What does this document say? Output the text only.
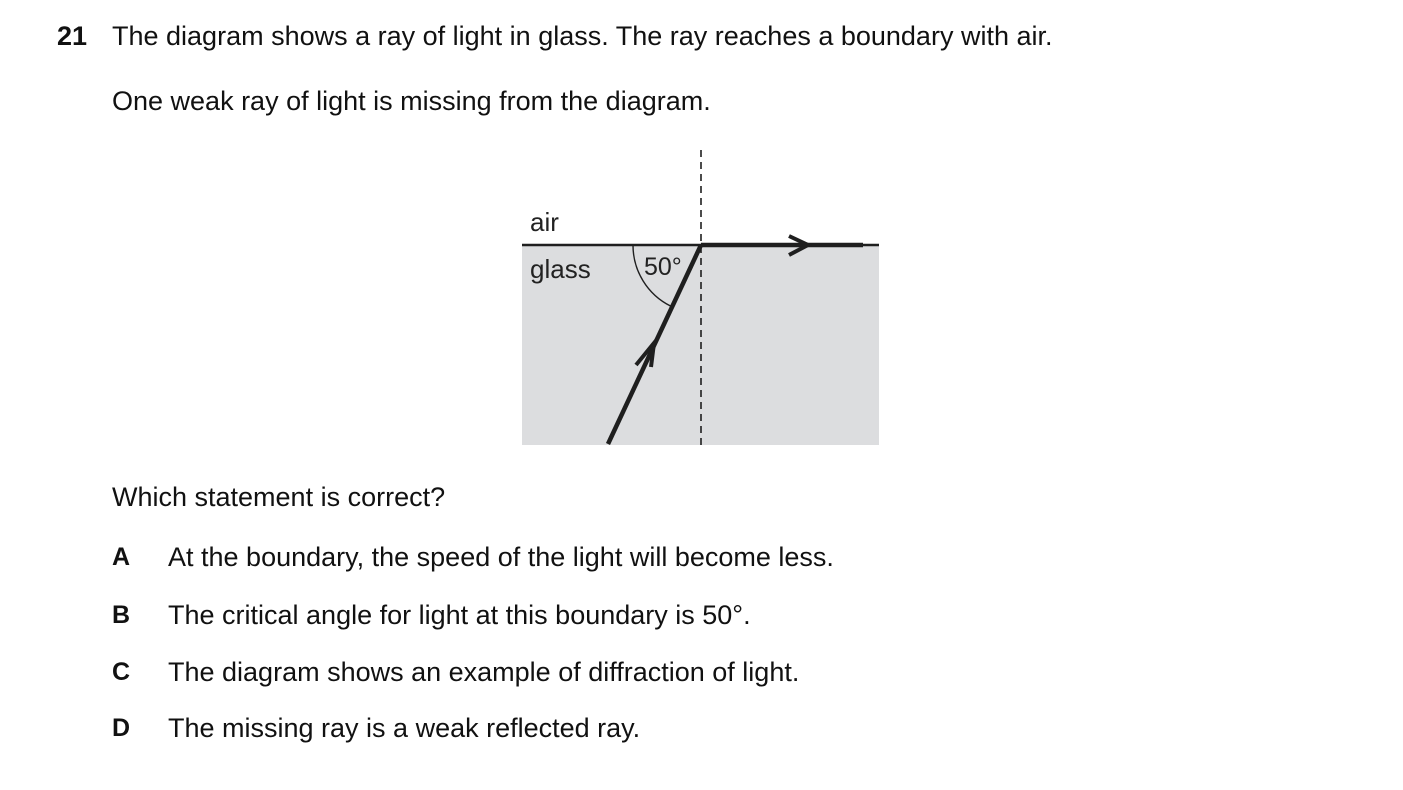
21 The diagram shows a ray of light in glass. The ray reaches a boundary with air.
One weak ray of light is missing from the diagram.
air
glass 50°
Which statement is correct?
A	At the boundary, the speed of the light will become less.
B	The critical angle for light at this boundary is 50°.
C	The diagram shows an example of diffraction of light.
D	The missing ray is a weak reflected ray.
